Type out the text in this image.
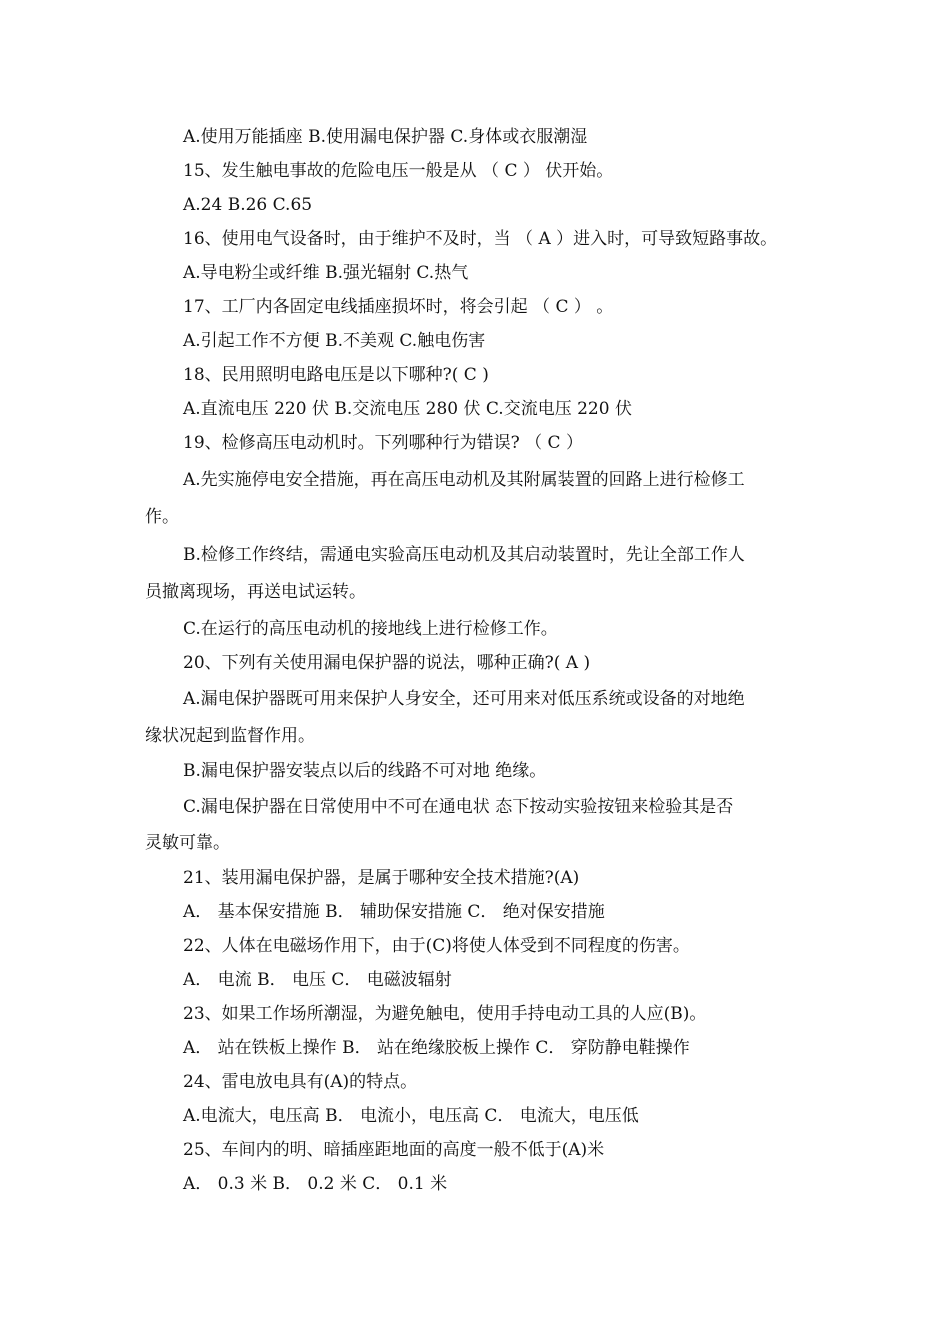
A.使用万能插座 B.使用漏电保护器 C.身体或衣服潮湿
15、发生触电事故的危险电压一般是从 （ C ） 伏开始。
A.24 B.26 C.65
16、使用电气设备时，由于维护不及时，当 （ A ）进入时，可导致短路事故。
A.导电粉尘或纤维 B.强光辐射 C.热气
17、工厂内各固定电线插座损坏时，将会引起 （ C ） 。
A.引起工作不方便 B.不美观 C.触电伤害
18、民用照明电路电压是以下哪种?( C )
A.直流电压 220 伏 B.交流电压 280 伏 C.交流电压 220 伏
19、检修高压电动机时。下列哪种行为错误? （ C ）
A.先实施停电安全措施，再在高压电动机及其附属装置的回路上进行检修工
作。
B.检修工作终结，需通电实验高压电动机及其启动装置时，先让全部工作人
员撤离现场，再送电试运转。
C.在运行的高压电动机的接地线上进行检修工作。
20、下列有关使用漏电保护器的说法，哪种正确?( A )
A.漏电保护器既可用来保护人身安全，还可用来对低压系统或设备的对地绝
缘状况起到监督作用。
B.漏电保护器安装点以后的线路不可对地 绝缘。
C.漏电保护器在日常使用中不可在通电状 态下按动实验按钮来检验其是否
灵敏可靠。
21、装用漏电保护器，是属于哪种安全技术措施?(A)
A． 基本保安措施 B． 辅助保安措施 C． 绝对保安措施
22、人体在电磁场作用下，由于(C)将使人体受到不同程度的伤害。
A． 电流 B． 电压 C． 电磁波辐射
23、如果工作场所潮湿，为避免触电，使用手持电动工具的人应(B)。
A． 站在铁板上操作 B． 站在绝缘胶板上操作 C． 穿防静电鞋操作
24、雷电放电具有(A)的特点。
A.电流大，电压高 B． 电流小，电压高 C． 电流大，电压低
25、车间内的明、暗插座距地面的高度一般不低于(A)米
A． 0.3 米 B． 0.2 米 C． 0.1 米
